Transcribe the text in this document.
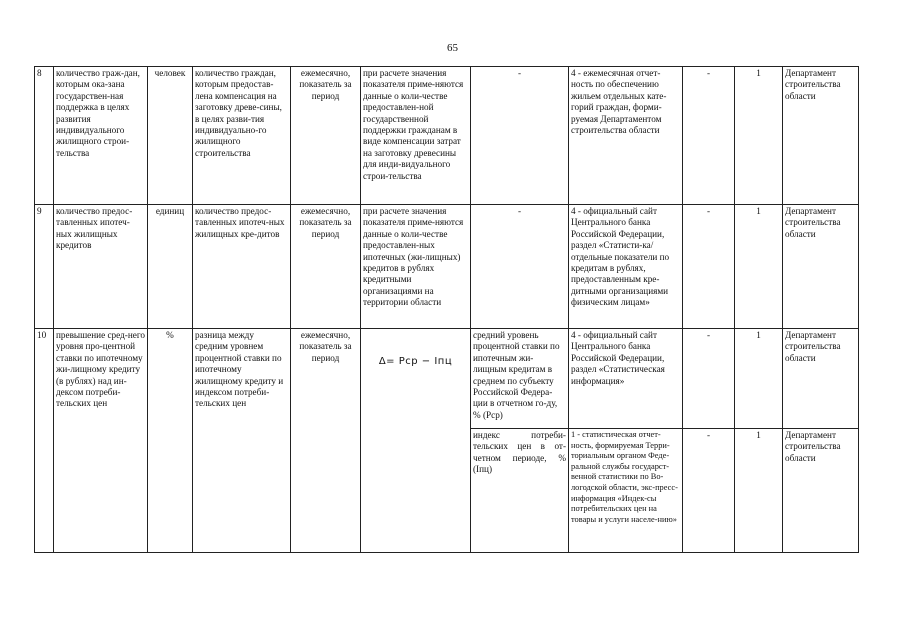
65
8	количество граж-дан, которым ока-зана государствен-ная поддержка в целях развития индивидуального жилищного строи-тельства	человек	количество граждан, которым предостав-лена компенсация на заготовку древе-сины, в целях разви-тия индивидуально-го жилищного строительства	ежемесячно, показатель за период	при расчете значения показателя приме-няются данные о коли-честве предоставлен-ной государственной поддержки гражданам в виде компенсации затрат на заготовку древесины для инди-видуального строи-тельства	-	4 - ежемесячная отчет-ность по обеспечению жильем отдельных кате-горий граждан, форми-руемая Департаментом строительства области	-	1	Департамент строительства области
9	количество предос-тавленных ипотеч-ных жилищных кредитов	единиц	количество предос-тавленных ипотеч-ных жилищных кре-дитов	ежемесячно, показатель за период	при расчете значения показателя приме-няются данные о коли-честве предоставлен-ных ипотечных (жи-лищных) кредитов в рублях кредитными организациями на территории области	-	4 - официальный сайт Центрального банка Российской Федерации, раздел «Статисти-ка/отдельные показатели по кредитам в рублях, предоставленным кре-дитными организациями физическим лицам»	-	1	Департамент строительства области
10	превышение сред-него уровня про-центной ставки по ипотечному жи-лищному кредиту (в рублях) над ин-дексом потреби-тельских цен	%	разница между средним уровнем процентной ставки по ипотечному жилищному кредиту и индексом потреби-тельских цен	ежемесячно, показатель за период	Δ= Pcp − Iпц	средний уровень процентной ставки по ипотечным жи-лищным кредитам в среднем по субъекту Российской Федера-ции в отчетном го-ду, % (Рср)	4 - официальный сайт Центрального банка Российской Федерации, раздел «Статистическая информация»	-	1	Департамент строительства области
						индекс потреби-тельских цен в от-четном периоде, % (Iпц)	1 - статистическая отчет-ность, формируемая Терри-ториальным органом Феде-ральной службы государст-венной статистики по Во-логодской области, экс-пресс-информация «Индек-сы потребительских цен на товары и услуги населе-нию»	-	1	Департамент строительства области
